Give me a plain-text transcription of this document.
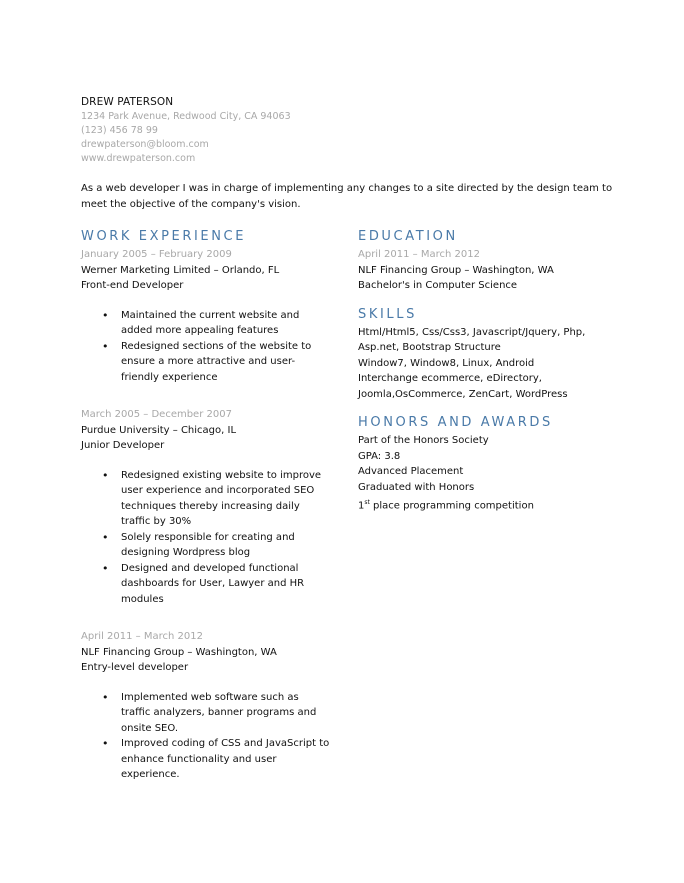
DREW PATERSON
1234 Park Avenue, Redwood City, CA 94063
(123) 456 78 99
drewpaterson@bloom.com
www.drewpaterson.com
As a web developer I was in charge of implementing any changes to a site directed by the design team to meet the objective of the company's vision.
WORK EXPERIENCE
January 2005 – February 2009
Werner Marketing Limited – Orlando, FL
Front-end Developer
• Maintained the current website and added more appealing features
• Redesigned sections of the website to ensure a more attractive and user-friendly experience
March 2005 – December 2007
Purdue University – Chicago, IL
Junior Developer
• Redesigned existing website to improve user experience and incorporated SEO techniques thereby increasing daily traffic by 30%
• Solely responsible for creating and designing Wordpress blog
• Designed and developed functional dashboards for User, Lawyer and HR modules
April 2011 – March 2012
NLF Financing Group – Washington, WA
Entry-level developer
• Implemented web software such as traffic analyzers, banner programs and onsite SEO.
• Improved coding of CSS and JavaScript to enhance functionality and user experience.
EDUCATION
April 2011 – March 2012
NLF Financing Group – Washington, WA
Bachelor's in Computer Science
SKILLS
Html/Html5, Css/Css3, Javascript/Jquery, Php, Asp.net, Bootstrap Structure
Window7, Window8, Linux, Android
Interchange ecommerce, eDirectory, Joomla,OsCommerce, ZenCart, WordPress
HONORS AND AWARDS
Part of the Honors Society
GPA: 3.8
Advanced Placement
Graduated with Honors
1st place programming competition
